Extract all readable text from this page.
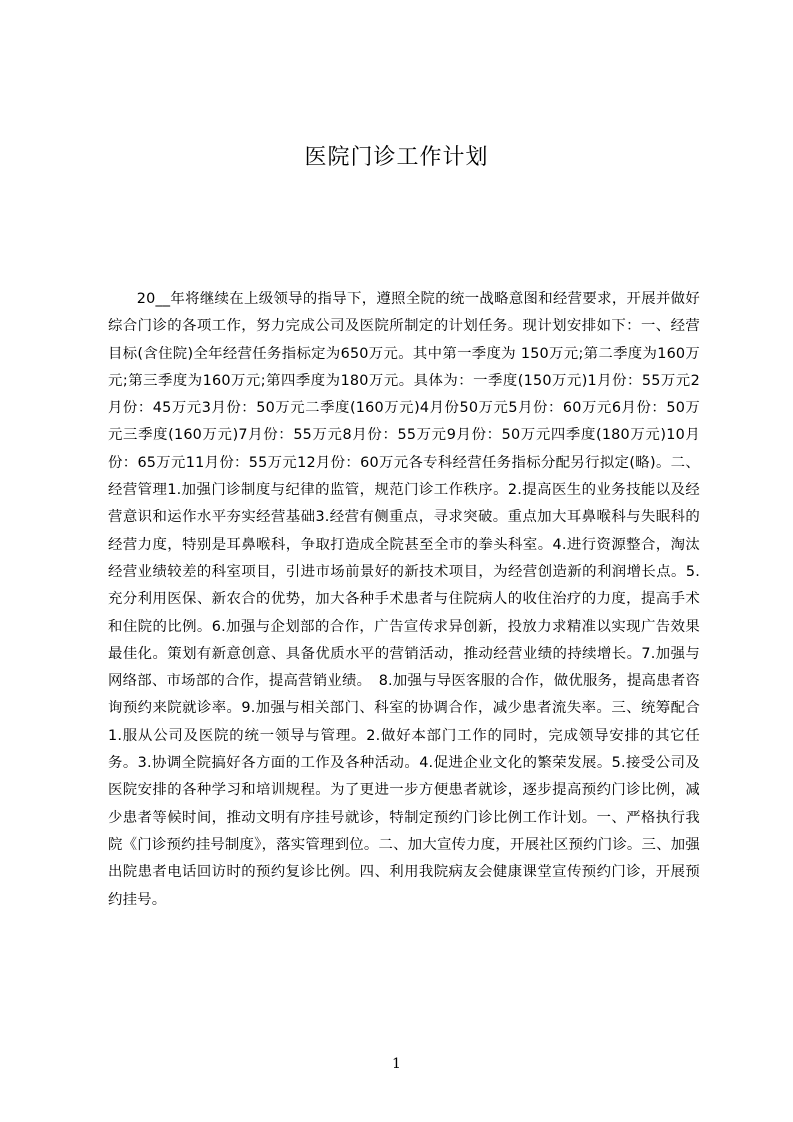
医院门诊工作计划

20__年将继续在上级领导的指导下，遵照全院的统一战略意图和经营要求，开展并做好综合门诊的各项工作，努力完成公司及医院所制定的计划任务。现计划安排如下：一、经营目标(含住院)全年经营任务指标定为650万元。其中第一季度为 150万元;第二季度为160万元;第三季度为160万元;第四季度为180万元。具体为：一季度(150万元)1月份：55万元2月份：45万元3月份：50万元二季度(160万元)4月份50万元5月份：60万元6月份：50万元三季度(160万元)7月份：55万元8月份：55万元9月份：50万元四季度(180万元)10月份：65万元11月份：55万元12月份：60万元各专科经营任务指标分配另行拟定(略)。二、经营管理1.加强门诊制度与纪律的监管，规范门诊工作秩序。2.提高医生的业务技能以及经营意识和运作水平夯实经营基础3.经营有侧重点，寻求突破。重点加大耳鼻喉科与失眠科的经营力度，特别是耳鼻喉科，争取打造成全院甚至全市的拳头科室。4.进行资源整合，淘汰经营业绩较差的科室项目，引进市场前景好的新技术项目，为经营创造新的利润增长点。5.充分利用医保、新农合的优势，加大各种手术患者与住院病人的收住治疗的力度，提高手术和住院的比例。6.加强与企划部的合作，广告宣传求异创新，投放力求精准以实现广告效果最佳化。策划有新意创意、具备优质水平的营销活动，推动经营业绩的持续增长。7.加强与网络部、市场部的合作，提高营销业绩。　8.加强与导医客服的合作，做优服务，提高患者咨询预约来院就诊率。9.加强与相关部门、科室的协调合作，减少患者流失率。三、统筹配合1.服从公司及医院的统一领导与管理。2.做好本部门工作的同时，完成领导安排的其它任务。3.协调全院搞好各方面的工作及各种活动。4.促进企业文化的繁荣发展。5.接受公司及医院安排的各种学习和培训规程。为了更进一步方便患者就诊，逐步提高预约门诊比例，减少患者等候时间，推动文明有序挂号就诊，特制定预约门诊比例工作计划。一、严格执行我院《门诊预约挂号制度》，落实管理到位。二、加大宣传力度，开展社区预约门诊。三、加强出院患者电话回访时的预约复诊比例。四、利用我院病友会健康课堂宣传预约门诊，开展预约挂号。

1
